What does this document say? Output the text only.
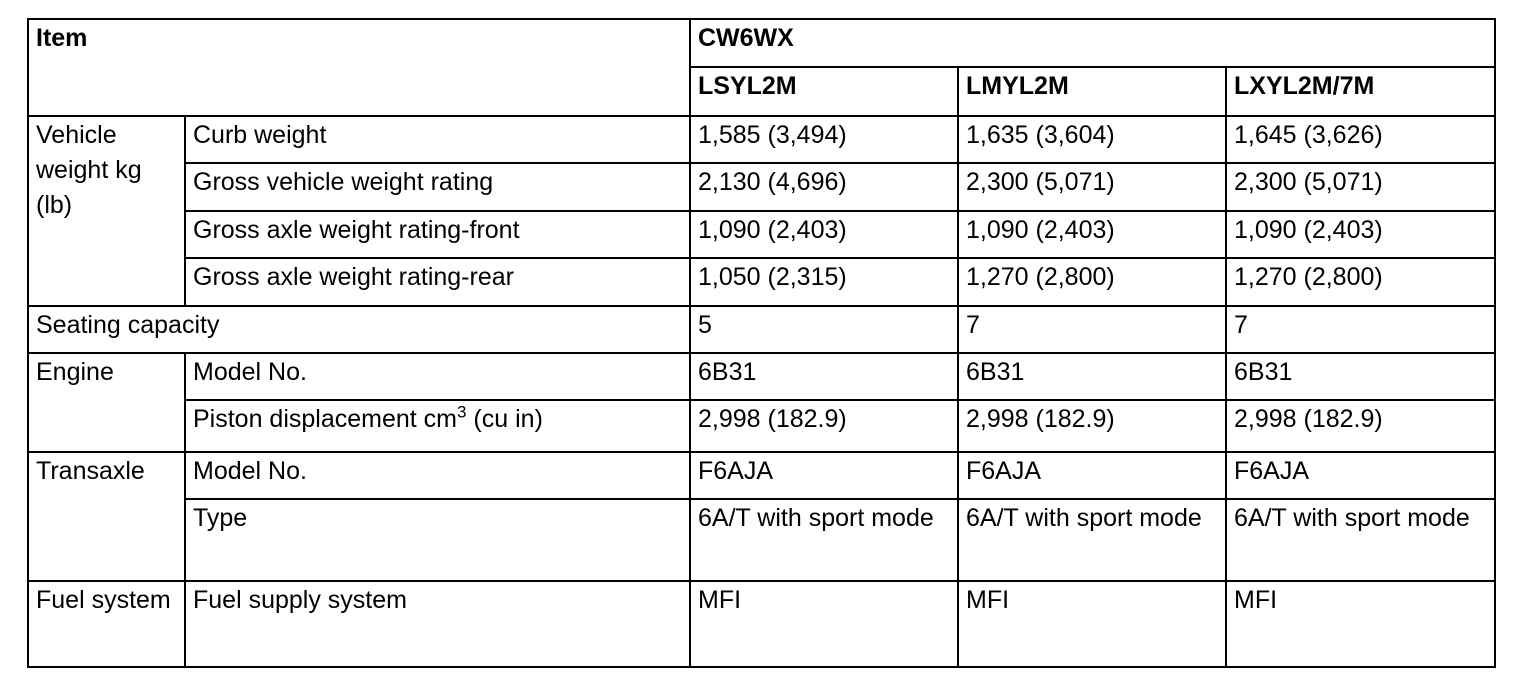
Item		CW6WX		
		LSYL2M	LMYL2M	LXYL2M/7M
Vehicle weight kg (lb)	Curb weight	1,585 (3,494)	1,635 (3,604)	1,645 (3,626)
	Gross vehicle weight rating	2,130 (4,696)	2,300 (5,071)	2,300 (5,071)
	Gross axle weight rating-front	1,090 (2,403)	1,090 (2,403)	1,090 (2,403)
	Gross axle weight rating-rear	1,050 (2,315)	1,270 (2,800)	1,270 (2,800)
Seating capacity		5	7	7
Engine	Model No.	6B31	6B31	6B31
	Piston displacement $cm^3$ (cu in)	2,998 (182.9)	2,998 (182.9)	2,998 (182.9)
Transaxle	Model No.	F6AJA	F6AJA	F6AJA
	Type	6A/T with sport mode	6A/T with sport mode	6A/T with sport mode
Fuel system	Fuel supply system	MFI	MFI	MFI
